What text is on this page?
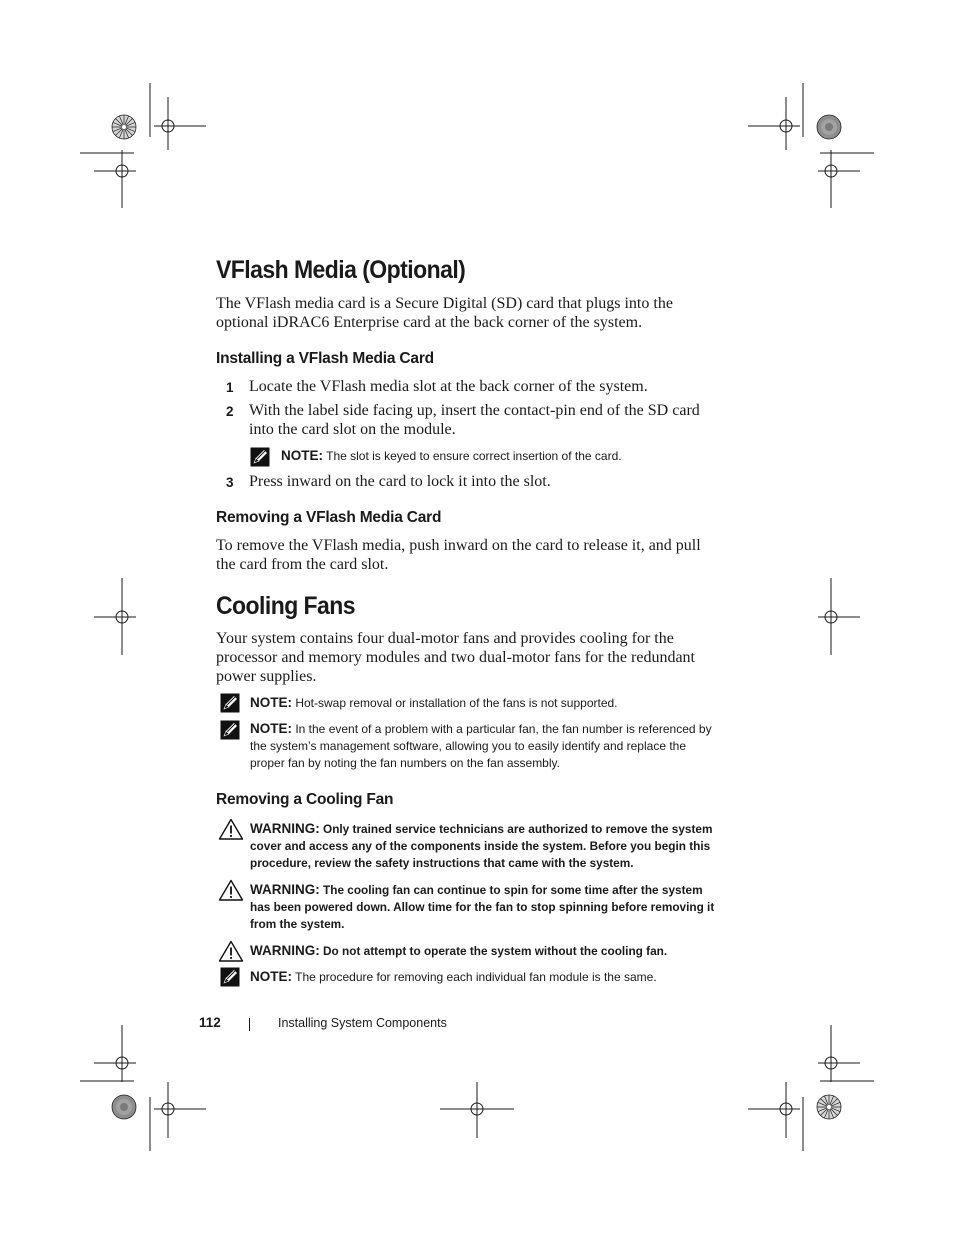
VFlash Media (Optional)

The VFlash media card is a Secure Digital (SD) card that plugs into the optional iDRAC6 Enterprise card at the back corner of the system.

Installing a VFlash Media Card
1 Locate the VFlash media slot at the back corner of the system.
2 With the label side facing up, insert the contact-pin end of the SD card into the card slot on the module.
NOTE: The slot is keyed to ensure correct insertion of the card.
3 Press inward on the card to lock it into the slot.
Removing a VFlash Media Card

To remove the VFlash media, push inward on the card to release it, and pull the card from the card slot.

Cooling Fans

Your system contains four dual-motor fans and provides cooling for the processor and memory modules and two dual-motor fans for the redundant power supplies.

NOTE: Hot-swap removal or installation of the fans is not supported.
NOTE: In the event of a problem with a particular fan, the fan number is referenced by the system’s management software, allowing you to easily identify and replace the proper fan by noting the fan numbers on the fan assembly.
Removing a Cooling Fan
WARNING: Only trained service technicians are authorized to remove the system cover and access any of the components inside the system. Before you begin this procedure, review the safety instructions that came with the system.
WARNING: The cooling fan can continue to spin for some time after the system has been powered down. Allow time for the fan to stop spinning before removing it from the system.
WARNING: Do not attempt to operate the system without the cooling fan.
NOTE: The procedure for removing each individual fan module is the same.
112	Installing System Components
